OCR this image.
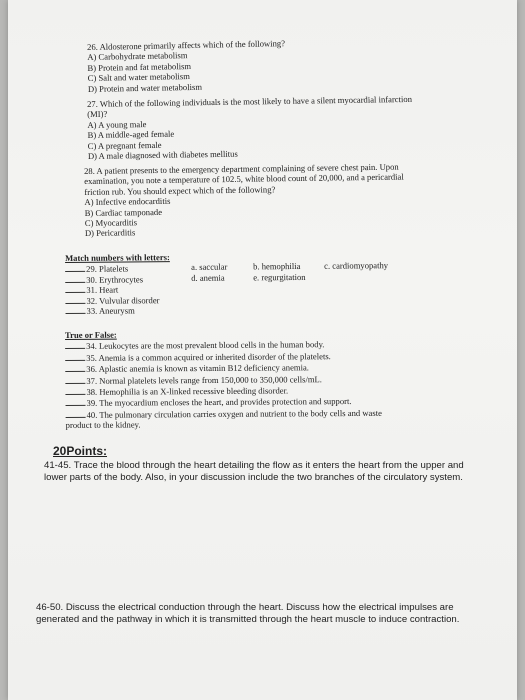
26. Aldosterone primarily affects which of the following?
A) Carbohydrate metabolism
B) Protein and fat metabolism
C) Salt and water metabolism
D) Protein and water metabolism
27. Which of the following individuals is the most likely to have a silent myocardial infarction
(MI)?
A) A young male
B) A middle-aged female
C) A pregnant female
D) A male diagnosed with diabetes mellitus
28. A patient presents to the emergency department complaining of severe chest pain. Upon
examination, you note a temperature of 102.5, white blood count of 20,000, and a pericardial
friction rub. You should expect which of the following?
A) Infective endocarditis
B) Cardiac tamponade
C) Myocarditis
D) Pericarditis
Match numbers with letters:
29. Platelets	a. saccular	b. hemophilia	c. cardiomyopathy
30. Erythrocytes	d. anemia	e. regurgitation
31. Heart
32. Vulvular disorder
33. Aneurysm
True or False:
34. Leukocytes are the most prevalent blood cells in the human body.
35. Anemia is a common acquired or inherited disorder of the platelets.
36. Aplastic anemia is known as vitamin B12 deficiency anemia.
37. Normal platelets levels range from 150,000 to 350,000 cells/mL.
38. Hemophilia is an X-linked recessive bleeding disorder.
39. The myocardium encloses the heart, and provides protection and support.
40. The pulmonary circulation carries oxygen and nutrient to the body cells and waste
product to the kidney.
20Points:
41-45. Trace the blood through the heart detailing the flow as it enters the heart from the upper and lower parts of the body. Also, in your discussion include the two branches of the circulatory system.
46-50. Discuss the electrical conduction through the heart. Discuss how the electrical impulses are generated and the pathway in which it is transmitted through the heart muscle to induce contraction.
